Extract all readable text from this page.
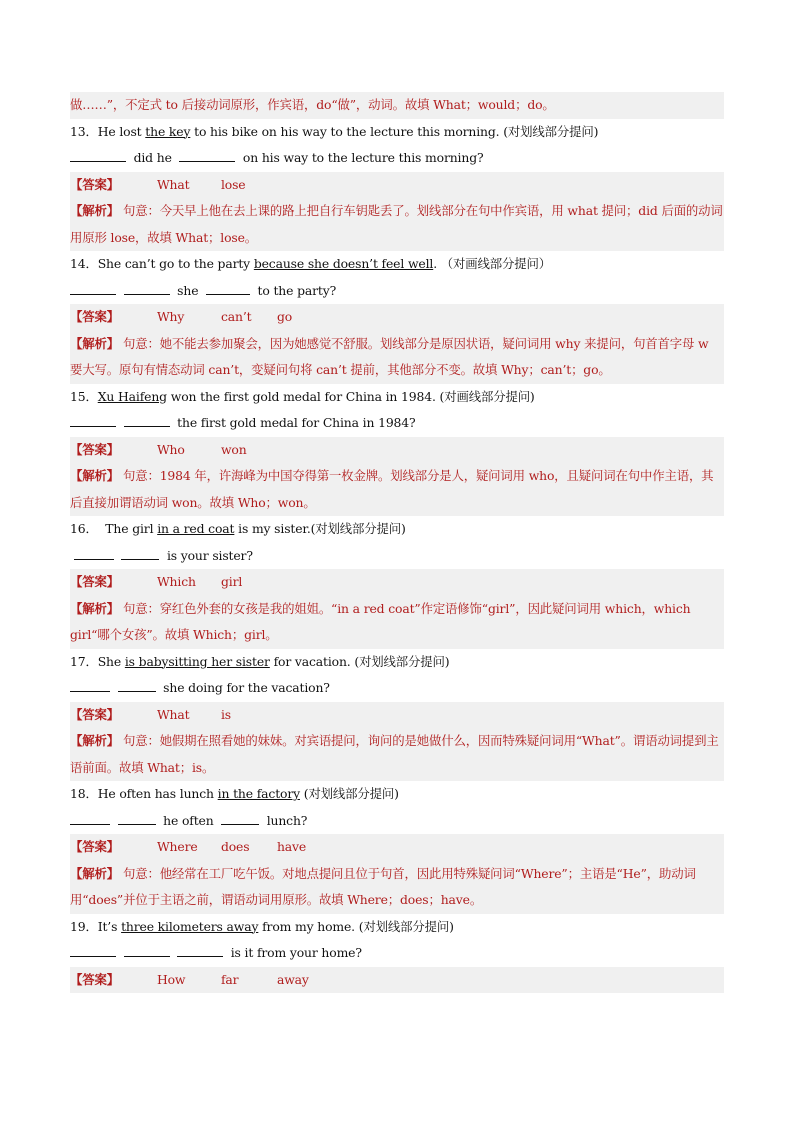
做……”，不定式 to 后接动词原形，作宾语，do“做”，动词。故填 What；would；do。
13．He lost the key to his bike on his way to the lecture this morning. (对划线部分提问)
did he	on his way to the lecture this morning?
【答案】	What	lose
【解析】 句意：今天早上他在去上课的路上把自行车钥匙丢了。划线部分在句中作宾语，用 what 提问；did 后面的动词用原形 lose，故填 What；lose。
14．She can’t go to the party because she doesn’t feel well. （对画线部分提问）
she	to the party?
【答案】	Why	can’t go
【解析】 句意：她不能去参加聚会，因为她感觉不舒服。划线部分是原因状语，疑问词用 why 来提问，句首首字母 w 要大写。原句有情态动词 can’t，变疑问句将 can’t 提前，其他部分不变。故填 Why；can’t；go。
15．Xu Haifeng won the first gold medal for China in 1984. (对画线部分提问)
the first gold medal for China in 1984?
【答案】	Who	won
【解析】 句意：1984 年，许海峰为中国夺得第一枚金牌。划线部分是人，疑问词用 who，且疑问词在句中作主语，其后直接加谓语动词 won。故填 Who；won。
16． The girl in a red coat is my sister.(对划线部分提问)
is your sister?
【答案】	Which girl
【解析】 句意：穿红色外套的女孩是我的姐姐。“in a red coat”作定语修饰“girl”，因此疑问词用 which，which girl“哪个女孩”。故填 Which；girl。
17．She is babysitting her sister for vacation. (对划线部分提问)
she doing for the vacation?
【答案】	What	is
【解析】 句意：她假期在照看她的妹妹。对宾语提问，询问的是她做什么，因而特殊疑问词用“What”。谓语动词提到主语前面。故填 What；is。
18．He often has lunch in the factory (对划线部分提问)
he often	lunch?
【答案】	Where does have
【解析】 句意：他经常在工厂吃午饭。对地点提问且位于句首，因此用特殊疑问词“Where”；主语是“He”，助动词用“does”并位于主语之前，谓语动词用原形。故填 Where；does；have。
19．It’s three kilometers away from my home. (对划线部分提问)
is it from your home?
【答案】	How	far	away
